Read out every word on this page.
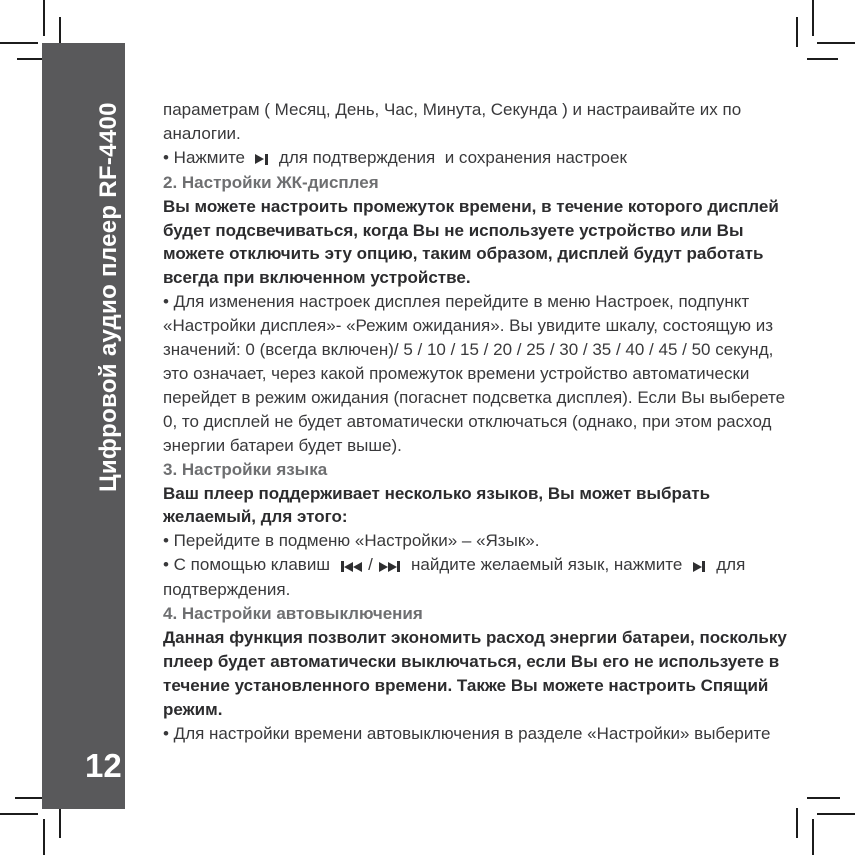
Цифровой аудио плеер RF-4400
12
параметрам ( Месяц, День, Час, Минута, Секунда ) и настраивайте их по
аналогии.
• Нажмите    для подтверждения  и сохранения настроек
2. Настройки ЖК-дисплея
Вы можете настроить промежуток времени, в течение которого дисплей
будет подсвечиваться, когда Вы не используете устройство или Вы
можете отключить эту опцию, таким образом, дисплей будут работать
всегда при включенном устройстве.
• Для изменения настроек дисплея перейдите в меню Настроек, подпункт
«Настройки дисплея»- «Режим ожидания». Вы увидите шкалу, состоящую из
значений: 0 (всегда включен)/ 5 / 10 / 15 / 20 / 25 / 30 / 35 / 40 / 45 / 50 секунд,
это означает, через какой промежуток времени устройство автоматически
перейдет в режим ожидания (погаснет подсветка дисплея). Если Вы выберете
0, то дисплей не будет автоматически отключаться (однако, при этом расход
энергии батареи будет выше).
3. Настройки языка
Ваш плеер поддерживает несколько языков, Вы может выбрать
желаемый, для этого:
• Перейдите в подменю «Настройки» – «Язык».
• С помощью клавиш   /   найдите желаемый язык, нажмите    для
подтверждения.
4. Настройки автовыключения
Данная функция позволит экономить расход энергии батареи, поскольку
плеер будет автоматически выключаться, если Вы его не используете в
течение установленного времени. Также Вы можете настроить Спящий
режим.
• Для настройки времени автовыключения в разделе «Настройки» выберите
